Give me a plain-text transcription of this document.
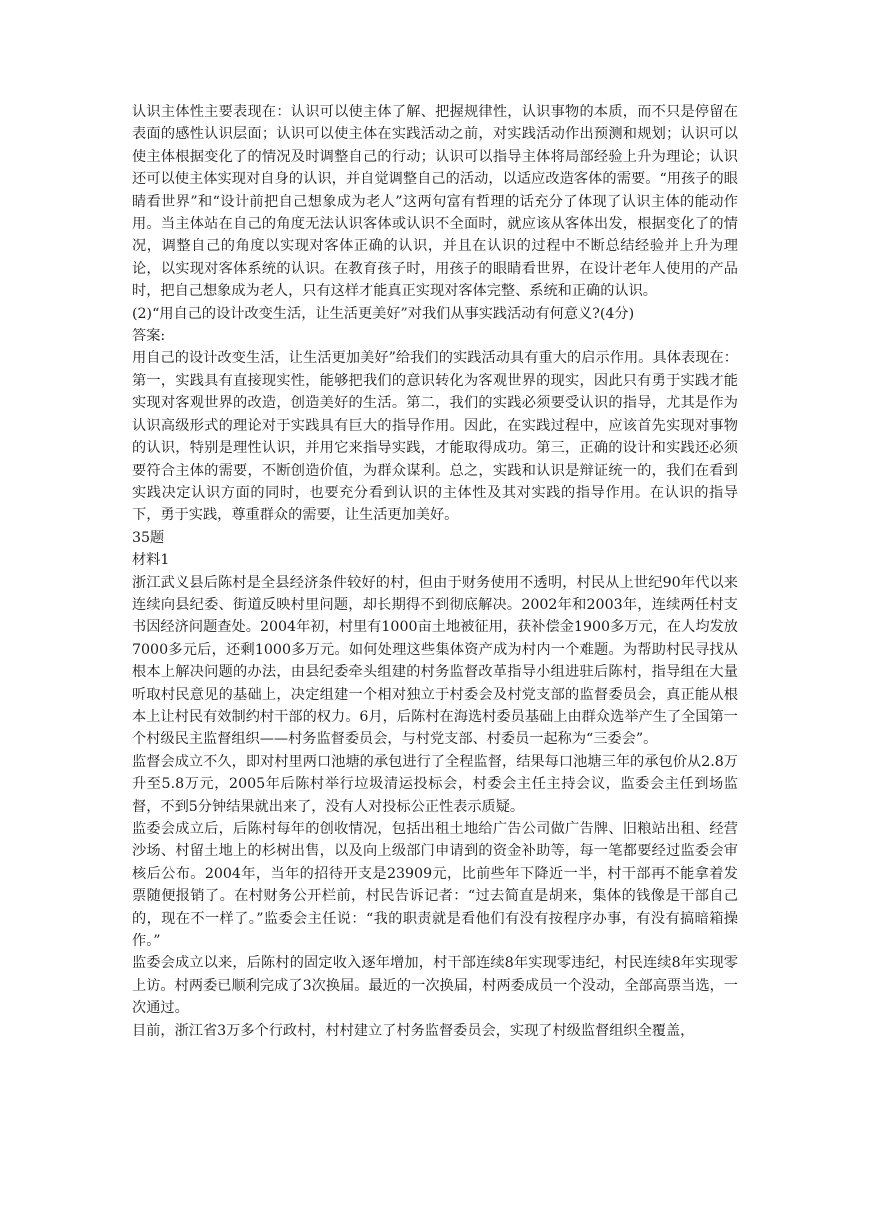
认识主体性主要表现在：认识可以使主体了解、把握规律性，认识事物的本质，而不只是停留在表面的感性认识层面；认识可以使主体在实践活动之前，对实践活动作出预测和规划；认识可以使主体根据变化了的情况及时调整自己的行动；认识可以指导主体将局部经验上升为理论；认识还可以使主体实现对自身的认识，并自觉调整自己的活动，以适应改造客体的需要。“用孩子的眼睛看世界”和“设计前把自己想象成为老人”这两句富有哲理的话充分了体现了认识主体的能动作用。当主体站在自己的角度无法认识客体或认识不全面时，就应该从客体出发，根据变化了的情况，调整自己的角度以实现对客体正确的认识，并且在认识的过程中不断总结经验并上升为理论，以实现对客体系统的认识。在教育孩子时，用孩子的眼睛看世界，在设计老年人使用的产品时，把自己想象成为老人，只有这样才能真正实现对客体完整、系统和正确的认识。

(2)“用自己的设计改变生活，让生活更美好”对我们从事实践活动有何意义?(4分)

答案:

用自己的设计改变生活，让生活更加美好”给我们的实践活动具有重大的启示作用。具体表现在：第一，实践具有直接现实性，能够把我们的意识转化为客观世界的现实，因此只有勇于实践才能实现对客观世界的改造，创造美好的生活。第二，我们的实践必须要受认识的指导，尤其是作为认识高级形式的理论对于实践具有巨大的指导作用。因此，在实践过程中，应该首先实现对事物的认识，特别是理性认识，并用它来指导实践，才能取得成功。第三，正确的设计和实践还必须要符合主体的需要，不断创造价值，为群众谋利。总之，实践和认识是辩证统一的，我们在看到实践决定认识方面的同时，也要充分看到认识的主体性及其对实践的指导作用。在认识的指导下，勇于实践，尊重群众的需要，让生活更加美好。

35题

材料1

浙江武义县后陈村是全县经济条件较好的村，但由于财务使用不透明，村民从上世纪90年代以来连续向县纪委、街道反映村里问题，却长期得不到彻底解决。2002年和2003年，连续两任村支书因经济问题查处。2004年初，村里有1000亩土地被征用，获补偿金1900多万元，在人均发放7000多元后，还剩1000多万元。如何处理这些集体资产成为村内一个难题。为帮助村民寻找从根本上解决问题的办法，由县纪委牵头组建的村务监督改革指导小组进驻后陈村，指导组在大量听取村民意见的基础上，决定组建一个相对独立于村委会及村党支部的监督委员会，真正能从根本上让村民有效制约村干部的权力。6月，后陈村在海选村委员基础上由群众选举产生了全国第一个村级民主监督组织——村务监督委员会，与村党支部、村委员一起称为“三委会”。

监督会成立不久，即对村里两口池塘的承包进行了全程监督，结果每口池塘三年的承包价从2.8万升至5.8万元，2005年后陈村举行垃圾清运投标会，村委会主任主持会议，监委会主任到场监督，不到5分钟结果就出来了，没有人对投标公正性表示质疑。

监委会成立后，后陈村每年的创收情况，包括出租土地给广告公司做广告牌、旧粮站出租、经营沙场、村留土地上的杉树出售，以及向上级部门申请到的资金补助等，每一笔都要经过监委会审核后公布。2004年，当年的招待开支是23909元，比前些年下降近一半，村干部再不能拿着发票随便报销了。在村财务公开栏前，村民告诉记者：“过去简直是胡来，集体的钱像是干部自己的，现在不一样了。”监委会主任说：“我的职责就是看他们有没有按程序办事，有没有搞暗箱操作。”

监委会成立以来，后陈村的固定收入逐年增加，村干部连续8年实现零违纪，村民连续8年实现零上访。村两委已顺利完成了3次换届。最近的一次换届，村两委成员一个没动，全部高票当选，一次通过。

目前，浙江省3万多个行政村，村村建立了村务监督委员会，实现了村级监督组织全覆盖，
